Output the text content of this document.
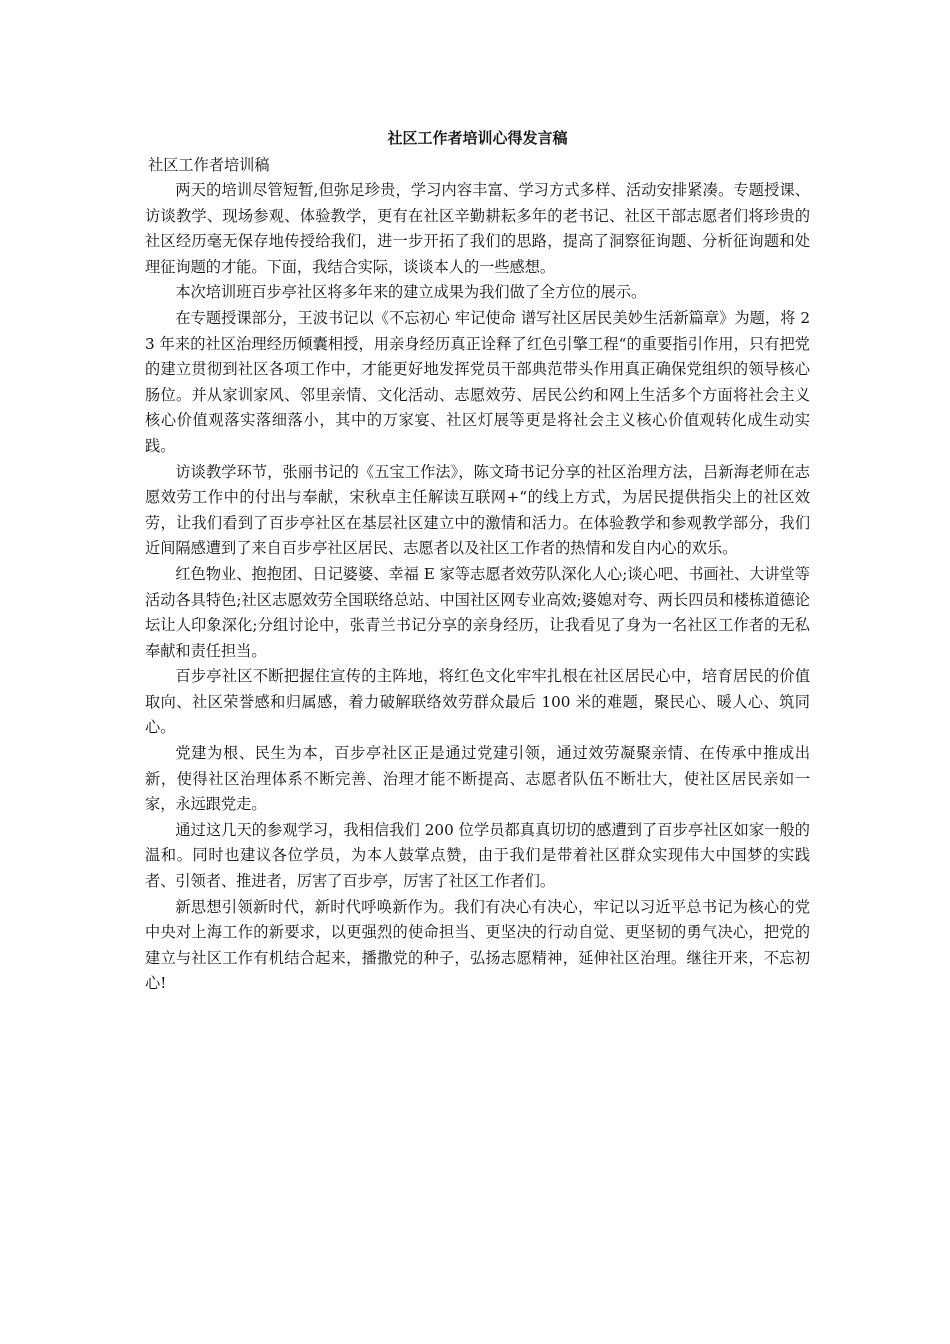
社区工作者培训心得发言稿
社区工作者培训稿

两天的培训尽管短暂,但弥足珍贵，学习内容丰富、学习方式多样、活动安排紧凑。专题授课、访谈教学、现场参观、体验教学，更有在社区辛勤耕耘多年的老书记、社区干部志愿者们将珍贵的社区经历毫无保存地传授给我们，进一步开拓了我们的思路，提高了洞察征询题、分析征询题和处理征询题的才能。下面，我结合实际，谈谈本人的一些感想。

本次培训班百步亭社区将多年来的建立成果为我们做了全方位的展示。

在专题授课部分，王波书记以《不忘初心 牢记使命 谱写社区居民美妙生活新篇章》为题，将 23 年来的社区治理经历倾囊相授，用亲身经历真正诠释了红色引擎工程“的重要指引作用，只有把党的建立贯彻到社区各项工作中，才能更好地发挥党员干部典范带头作用真正确保党组织的领导核心肠位。并从家训家风、邻里亲情、文化活动、志愿效劳、居民公约和网上生活多个方面将社会主义核心价值观落实落细落小，其中的万家宴、社区灯展等更是将社会主义核心价值观转化成生动实践。

访谈教学环节，张丽书记的《五宝工作法》，陈文琦书记分享的社区治理方法，吕新海老师在志愿效劳工作中的付出与奉献，宋秋卓主任解读互联网+“的线上方式，为居民提供指尖上的社区效劳，让我们看到了百步亭社区在基层社区建立中的激情和活力。在体验教学和参观教学部分，我们近间隔感遭到了来自百步亭社区居民、志愿者以及社区工作者的热情和发自内心的欢乐。

红色物业、抱抱团、日记婆婆、幸福 E 家等志愿者效劳队深化人心;谈心吧、书画社、大讲堂等活动各具特色;社区志愿效劳全国联络总站、中国社区网专业高效;婆媳对夸、两长四员和楼栋道德论坛让人印象深化;分组讨论中，张青兰书记分享的亲身经历，让我看见了身为一名社区工作者的无私奉献和责任担当。

百步亭社区不断把握住宣传的主阵地，将红色文化牢牢扎根在社区居民心中，培育居民的价值取向、社区荣誉感和归属感，着力破解联络效劳群众最后 100 米的难题，聚民心、暖人心、筑同心。

党建为根、民生为本，百步亭社区正是通过党建引领，通过效劳凝聚亲情、在传承中推成出新，使得社区治理体系不断完善、治理才能不断提高、志愿者队伍不断壮大，使社区居民亲如一家，永远跟党走。

通过这几天的参观学习，我相信我们 200 位学员都真真切切的感遭到了百步亭社区如家一般的温和。同时也建议各位学员，为本人鼓掌点赞，由于我们是带着社区群众实现伟大中国梦的实践者、引领者、推进者，厉害了百步亭，厉害了社区工作者们。

新思想引领新时代，新时代呼唤新作为。我们有决心有决心，牢记以习近平总书记为核心的党中央对上海工作的新要求，以更强烈的使命担当、更坚决的行动自觉、更坚韧的勇气决心，把党的建立与社区工作有机结合起来，播撒党的种子，弘扬志愿精神，延伸社区治理。继往开来，不忘初心!
